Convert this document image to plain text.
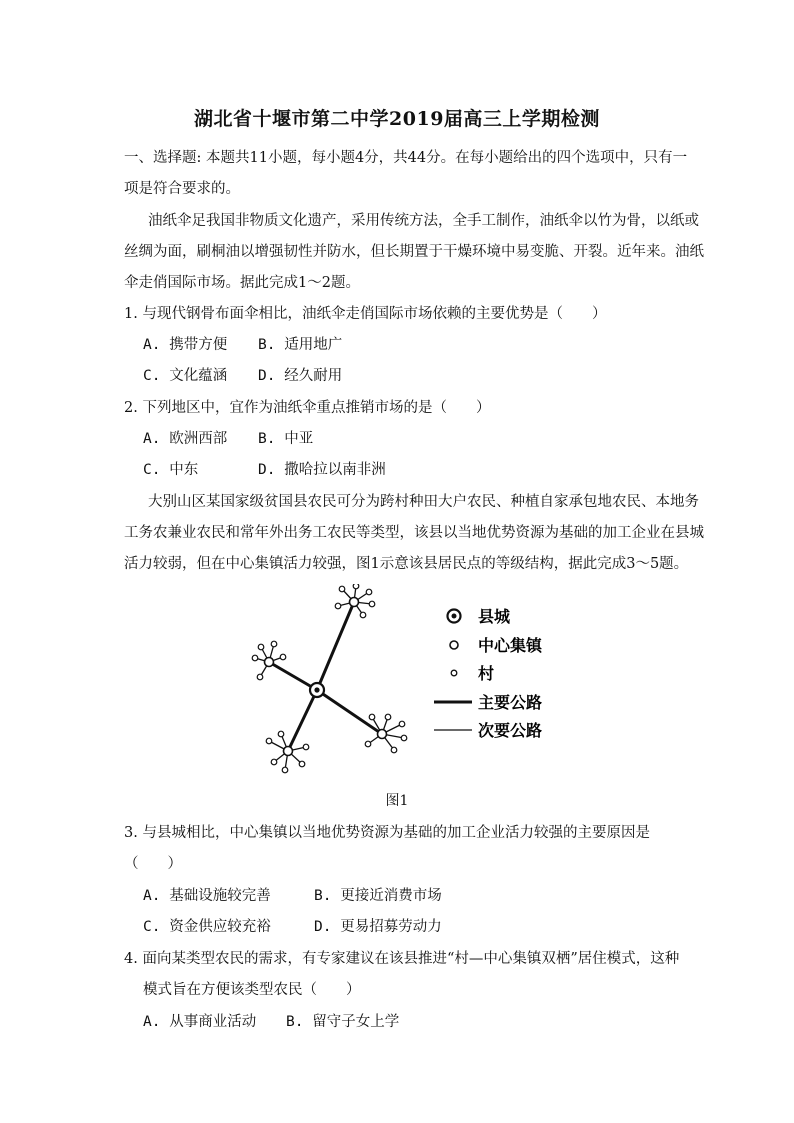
湖北省十堰市第二中学2019届高三上学期检测
一、选择题: 本题共11小题，每小题4分，共44分。在每小题给出的四个选项中，只有一
项是符合要求的。
油纸伞足我国非物质文化遗产，采用传统方法，全手工制作，油纸伞以竹为骨，以纸或
丝绸为面，刷桐油以增强韧性并防水，但长期置于干燥环境中易变脆、开裂。近年来。油纸
伞走俏国际市场。据此完成1～2题。
1. 与现代钢骨布面伞相比，油纸伞走俏国际市场依赖的主要优势是（　　）
A. 携带方便 B. 适用地广
C. 文化蕴涵 D. 经久耐用
2. 下列地区中，宜作为油纸伞重点推销市场的是（　　）
A. 欧洲西部 B. 中亚
C. 中东	D. 撒哈拉以南非洲
大别山区某国家级贫国县农民可分为跨村种田大户农民、种植自家承包地农民、本地务
工务农兼业农民和常年外出务工农民等类型，该县以当地优势资源为基础的加工企业在县城
活力较弱，但在中心集镇活力较强，图1示意该县居民点的等级结构，据此完成3～5题。
县城
中心集镇
村
主要公路
次要公路
图1
3. 与县城相比，中心集镇以当地优势资源为基础的加工企业活力较强的主要原因是
（　　）
A. 基础设施较完善	B. 更接近消费市场
C. 资金供应较充裕	D. 更易招募劳动力
4. 面向某类型农民的需求，有专家建议在该县推进“村—中心集镇双栖”居住模式，这种
模式旨在方便该类型农民（　　）
A. 从事商业活动 B. 留守子女上学
